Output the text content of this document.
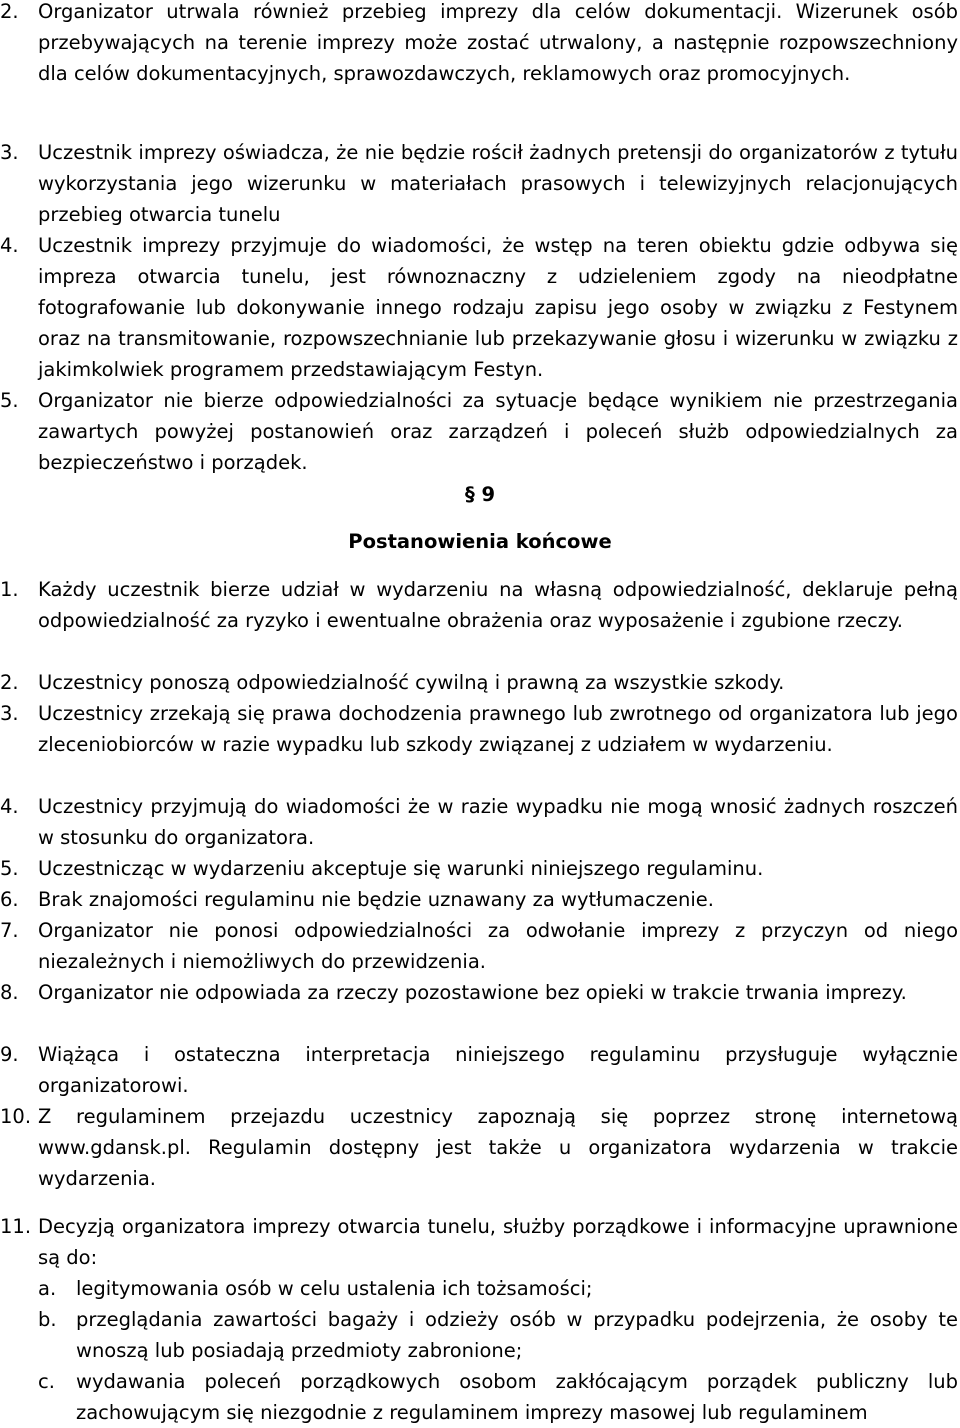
2. Organizator utrwala również przebieg imprezy dla celów dokumentacji. Wizerunek osób przebywających na terenie imprezy może zostać utrwalony, a następnie rozpowszechniony dla celów dokumentacyjnych, sprawozdawczych, reklamowych oraz promocyjnych.
3. Uczestnik imprezy oświadcza, że nie będzie rościł żadnych pretensji do organizatorów z tytułu wykorzystania jego wizerunku w materiałach prasowych i telewizyjnych relacjonujących przebieg otwarcia tunelu
4. Uczestnik imprezy przyjmuje do wiadomości, że wstęp na teren obiektu gdzie odbywa się impreza otwarcia tunelu, jest równoznaczny z udzieleniem zgody na nieodpłatne fotografowanie lub dokonywanie innego rodzaju zapisu jego osoby w związku z Festynem oraz na transmitowanie, rozpowszechnianie lub przekazywanie głosu i wizerunku w związku z jakimkolwiek programem przedstawiającym Festyn.
5. Organizator nie bierze odpowiedzialności za sytuacje będące wynikiem nie przestrzegania zawartych powyżej postanowień oraz zarządzeń i poleceń służb odpowiedzialnych za bezpieczeństwo i porządek.
§ 9
Postanowienia końcowe
1. Każdy uczestnik bierze udział w wydarzeniu na własną odpowiedzialność, deklaruje pełną odpowiedzialność za ryzyko i ewentualne obrażenia oraz wyposażenie i zgubione rzeczy.
2. Uczestnicy ponoszą odpowiedzialność cywilną i prawną za wszystkie szkody.
3. Uczestnicy zrzekają się prawa dochodzenia prawnego lub zwrotnego od organizatora lub jego zleceniobiorców w razie wypadku lub szkody związanej z udziałem w wydarzeniu.
4. Uczestnicy przyjmują do wiadomości że w razie wypadku nie mogą wnosić żadnych roszczeń w stosunku do organizatora.
5. Uczestnicząc w wydarzeniu akceptuje się warunki niniejszego regulaminu.
6. Brak znajomości regulaminu nie będzie uznawany za wytłumaczenie.
7. Organizator nie ponosi odpowiedzialności za odwołanie imprezy z przyczyn od niego niezależnych i niemożliwych do przewidzenia.
8. Organizator nie odpowiada za rzeczy pozostawione bez opieki w trakcie trwania imprezy.
9. Wiążąca i ostateczna interpretacja niniejszego regulaminu przysługuje wyłącznie organizatorowi.
10. Z regulaminem przejazdu uczestnicy zapoznają się poprzez stronę internetową www.gdansk.pl. Regulamin dostępny jest także u organizatora wydarzenia w trakcie wydarzenia.
11. Decyzją organizatora imprezy otwarcia tunelu, służby porządkowe i informacyjne uprawnione są do:
a.	legitymowania osób w celu ustalenia ich tożsamości;
b. przeglądania zawartości bagaży i odzieży osób w przypadku podejrzenia, że osoby te wnoszą lub posiadają przedmioty zabronione;
c.	wydawania poleceń porządkowych osobom zakłócającym porządek publiczny lub zachowującym się niezgodnie z regulaminem imprezy masowej lub regulaminem
